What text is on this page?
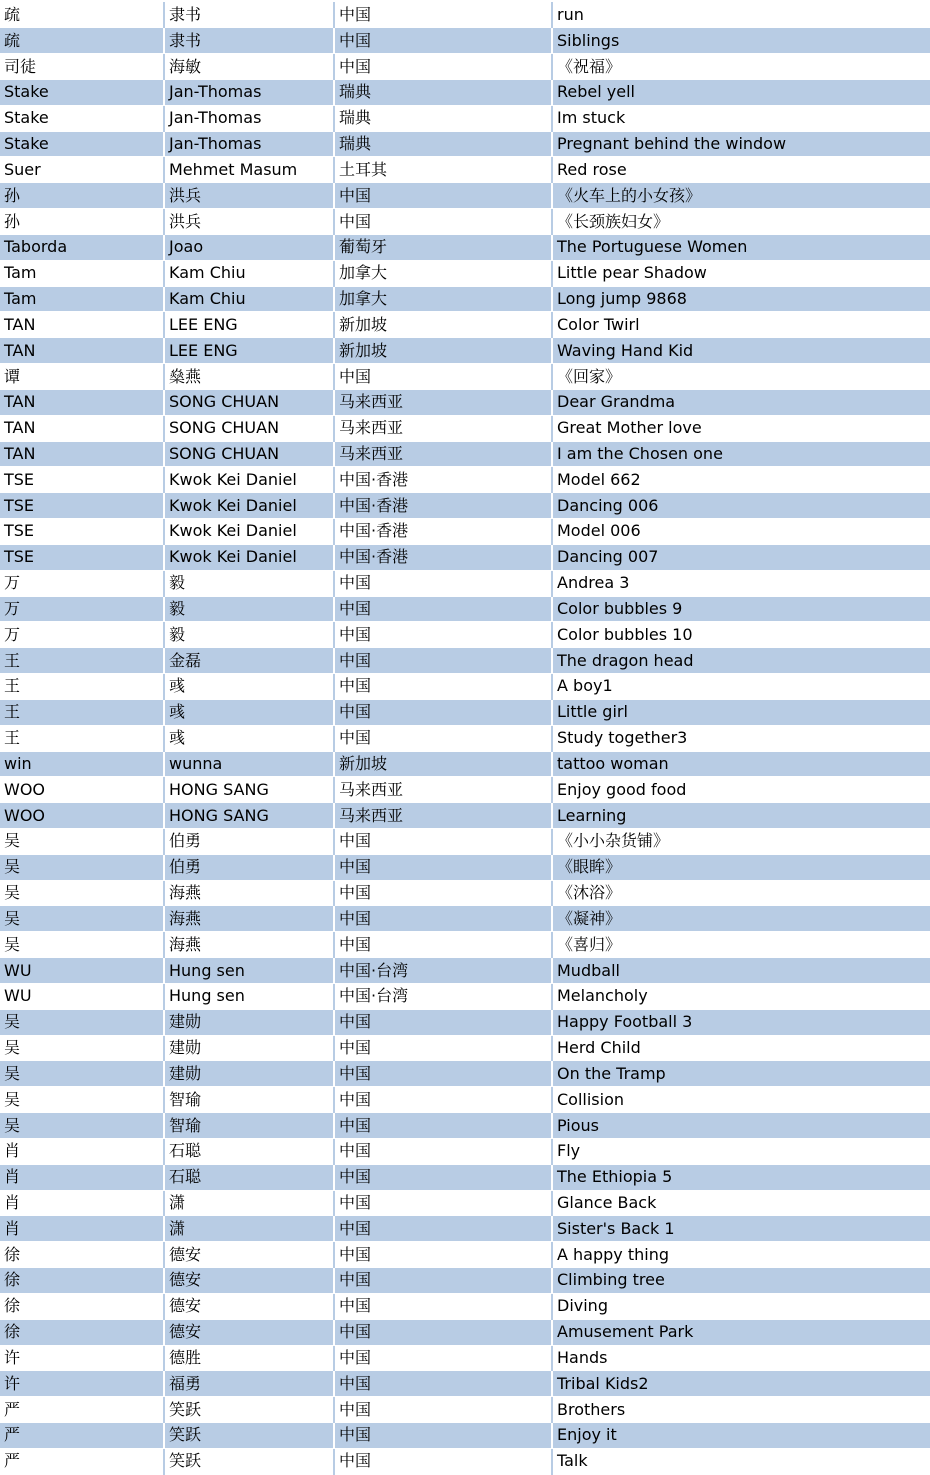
疏	隶书	中国	run
疏	隶书	中国	Siblings
司徒	海敏	中国	《祝福》
Stake	Jan-Thomas	瑞典	Rebel yell
Stake	Jan-Thomas	瑞典	Im stuck
Stake	Jan-Thomas	瑞典	Pregnant behind the window
Suer	Mehmet Masum	土耳其	Red rose
孙	洪兵	中国	《火车上的小女孩》
孙	洪兵	中国	《长颈族妇女》
Taborda	Joao	葡萄牙	The Portuguese Women
Tam	Kam Chiu	加拿大	Little pear Shadow
Tam	Kam Chiu	加拿大	Long jump 9868
TAN	LEE ENG	新加坡	Color Twirl
TAN	LEE ENG	新加坡	Waving Hand Kid
谭	燊燕	中国	《回家》
TAN	SONG CHUAN	马来西亚	Dear Grandma
TAN	SONG CHUAN	马来西亚	Great Mother love
TAN	SONG CHUAN	马来西亚	I am the Chosen one
TSE	Kwok Kei Daniel	中国·香港	Model 662
TSE	Kwok Kei Daniel	中国·香港	Dancing 006
TSE	Kwok Kei Daniel	中国·香港	Model 006
TSE	Kwok Kei Daniel	中国·香港	Dancing 007
万	毅	中国	Andrea 3
万	毅	中国	Color bubbles 9
万	毅	中国	Color bubbles 10
王	金磊	中国	The dragon head
王	彧	中国	A boy1
王	彧	中国	Little girl
王	彧	中国	Study together3
win	wunna	新加坡	tattoo woman
WOO	HONG SANG	马来西亚	Enjoy good food
WOO	HONG SANG	马来西亚	Learning
吴	伯勇	中国	《小小杂货铺》
吴	伯勇	中国	《眼眸》
吴	海燕	中国	《沐浴》
吴	海燕	中国	《凝神》
吴	海燕	中国	《喜归》
WU	Hung sen	中国·台湾	Mudball
WU	Hung sen	中国·台湾	Melancholy
吴	建勋	中国	Happy Football 3
吴	建勋	中国	Herd Child
吴	建勋	中国	On the Tramp
吴	智瑜	中国	Collision
吴	智瑜	中国	Pious
肖	石聪	中国	Fly
肖	石聪	中国	The Ethiopia 5
肖	潇	中国	Glance Back
肖	潇	中国	Sister's Back 1
徐	德安	中国	A happy thing
徐	德安	中国	Climbing tree
徐	德安	中国	Diving
徐	德安	中国	Amusement Park
许	德胜	中国	Hands
许	福勇	中国	Tribal Kids2
严	笑跃	中国	Brothers
严	笑跃	中国	Enjoy it
严	笑跃	中国	Talk
